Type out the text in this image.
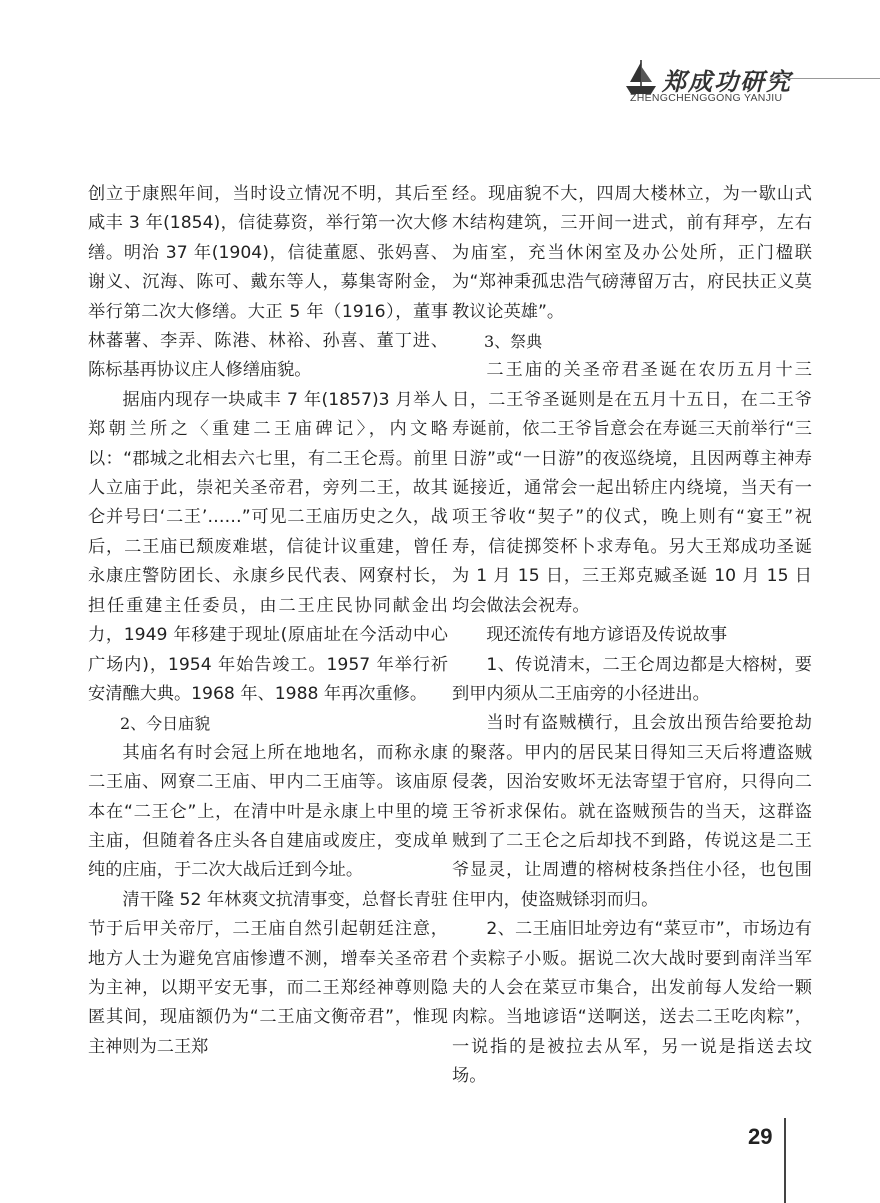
郑成功研究
ZHENGCHENGGONG YANJIU

创立于康熙年间，当时设立情况不明，其后至咸丰 3 年(1854)，信徒募资，举行第一次大修缮。明治 37 年(1904)，信徒董愿、张妈喜、谢义、沉海、陈可、戴东等人，募集寄附金，举行第二次大修缮。大正 5 年（1916），董事林蕃薯、李弄、陈港、林裕、孙喜、董丁进、陈标基再协议庄人修缮庙貌。

据庙内现存一块咸丰 7 年(1857)3 月举人郑朝兰所之〈重建二王庙碑记〉，内文略以：“郡城之北相去六七里，有二王仑焉。前里人立庙于此，崇祀关圣帝君，旁列二王，故其仑并号曰‘二王’……”可见二王庙历史之久，战后，二王庙已颓废难堪，信徒计议重建，曾任永康庄警防团长、永康乡民代表、网寮村长，担任重建主任委员，由二王庄民协同献金出力，1949 年移建于现址(原庙址在今活动中心广场内)，1954 年始告竣工。1957 年举行祈安清醮大典。1968 年、1988 年再次重修。

2、今日庙貌

其庙名有时会冠上所在地地名，而称永康二王庙、网寮二王庙、甲内二王庙等。该庙原本在“二王仑”上，在清中叶是永康上中里的境主庙，但随着各庄头各自建庙或废庄，变成单纯的庄庙，于二次大战后迁到今址。

清干隆 52 年林爽文抗清事变，总督长青驻节于后甲关帝厅，二王庙自然引起朝廷注意，地方人士为避免宫庙惨遭不测，增奉关圣帝君为主神，以期平安无事，而二王郑经神尊则隐匿其间，现庙额仍为“二王庙文衡帝君”，惟现主神则为二王郑

经。现庙貌不大，四周大楼林立，为一歇山式木结构建筑，三开间一进式，前有拜亭，左右为庙室，充当休闲室及办公处所，正门楹联为“郑神秉孤忠浩气磅薄留万古，府民扶正义莫教议论英雄”。

3、祭典

二王庙的关圣帝君圣诞在农历五月十三日，二王爷圣诞则是在五月十五日，在二王爷寿诞前，依二王爷旨意会在寿诞三天前举行“三日游”或“一日游”的夜巡绕境，且因两尊主神寿诞接近，通常会一起出轿庄内绕境，当天有一项王爷收“契子”的仪式，晚上则有“宴王”祝寿，信徒掷筊杯卜求寿龟。另大王郑成功圣诞为 1 月 15 日，三王郑克臧圣诞 10 月 15 日均会做法会祝寿。

现还流传有地方谚语及传说故事

1、传说清末，二王仑周边都是大榕树，要到甲内须从二王庙旁的小径进出。

当时有盗贼横行，且会放出预告给要抢劫的聚落。甲内的居民某日得知三天后将遭盗贼侵袭，因治安败坏无法寄望于官府，只得向二王爷祈求保佑。就在盗贼预告的当天，这群盗贼到了二王仑之后却找不到路，传说这是二王爷显灵，让周遭的榕树枝条挡住小径，也包围住甲内，使盗贼铩羽而归。

2、二王庙旧址旁边有“菜豆市”，市场边有个卖粽子小贩。据说二次大战时要到南洋当军夫的人会在菜豆市集合，出发前每人发给一颗肉粽。当地谚语“送啊送，送去二王吃肉粽”，一说指的是被拉去从军，另一说是指送去坟场。

29
